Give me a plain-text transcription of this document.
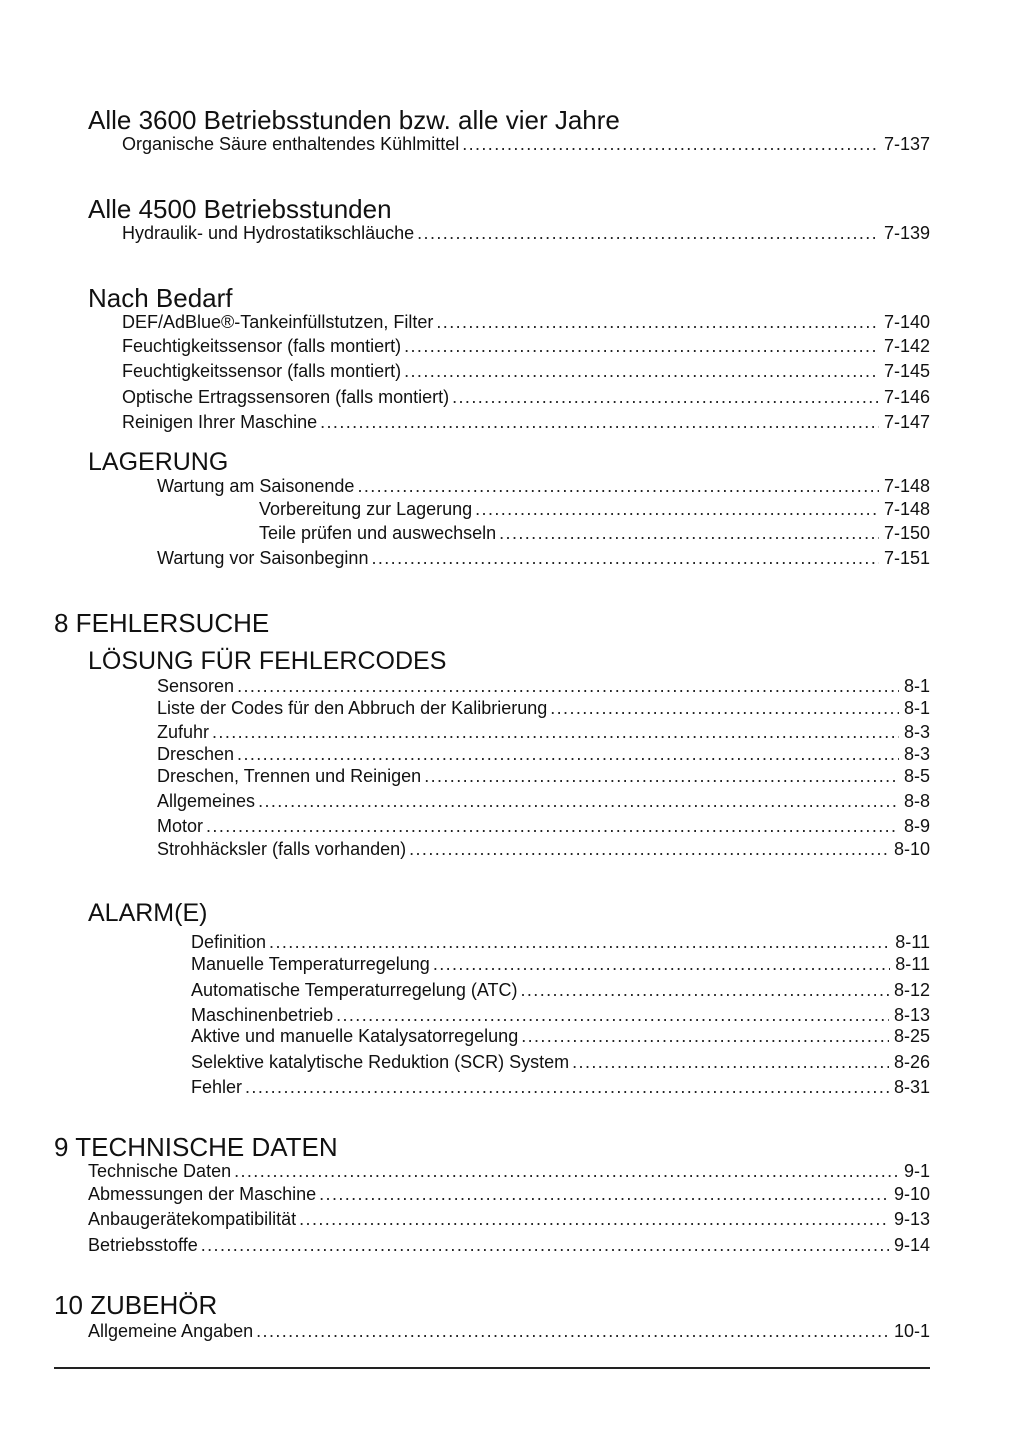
Alle 3600 Betriebsstunden bzw. alle vier Jahre
Organische Säure enthaltendes Kühlmittel . . .	7-137
Alle 4500 Betriebsstunden
Hydraulik- und Hydrostatikschläuche . . .	7-139
Nach Bedarf
DEF/AdBlue®-Tankeinfüllstutzen, Filter . . .	7-140
Feuchtigkeitssensor (falls montiert) . . .	7-142
Feuchtigkeitssensor (falls montiert) . . .	7-145
Optische Ertragssensoren (falls montiert) . . .	7-146
Reinigen Ihrer Maschine . . .	7-147
LAGERUNG
Wartung am Saisonende . . .	7-148
Vorbereitung zur Lagerung . . .	7-148
Teile prüfen und auswechseln . . .	7-150
Wartung vor Saisonbeginn . . .	7-151
8 FEHLERSUCHE
LÖSUNG FÜR FEHLERCODES
Sensoren . . .	8-1
Liste der Codes für den Abbruch der Kalibrierung . . .	8-1
Zufuhr . . .	8-3
Dreschen . . .	8-3
Dreschen, Trennen und Reinigen . . .	8-5
Allgemeines . . .	8-8
Motor . . .	8-9
Strohhäcksler (falls vorhanden) . . .	8-10
ALARM(E)
Definition . . .	8-11
Manuelle Temperaturregelung . . .	8-11
Automatische Temperaturregelung (ATC) . . .	8-12
Maschinenbetrieb . . .	8-13
Aktive und manuelle Katalysatorregelung . . .	8-25
Selektive katalytische Reduktion (SCR) System . . .	8-26
Fehler . . .	8-31
9 TECHNISCHE DATEN
Technische Daten . . .	9-1
Abmessungen der Maschine . . .	9-10
Anbaugerätekompatibilität . . .	9-13
Betriebsstoffe . . .	9-14
10 ZUBEHÖR
Allgemeine Angaben . . .	10-1
